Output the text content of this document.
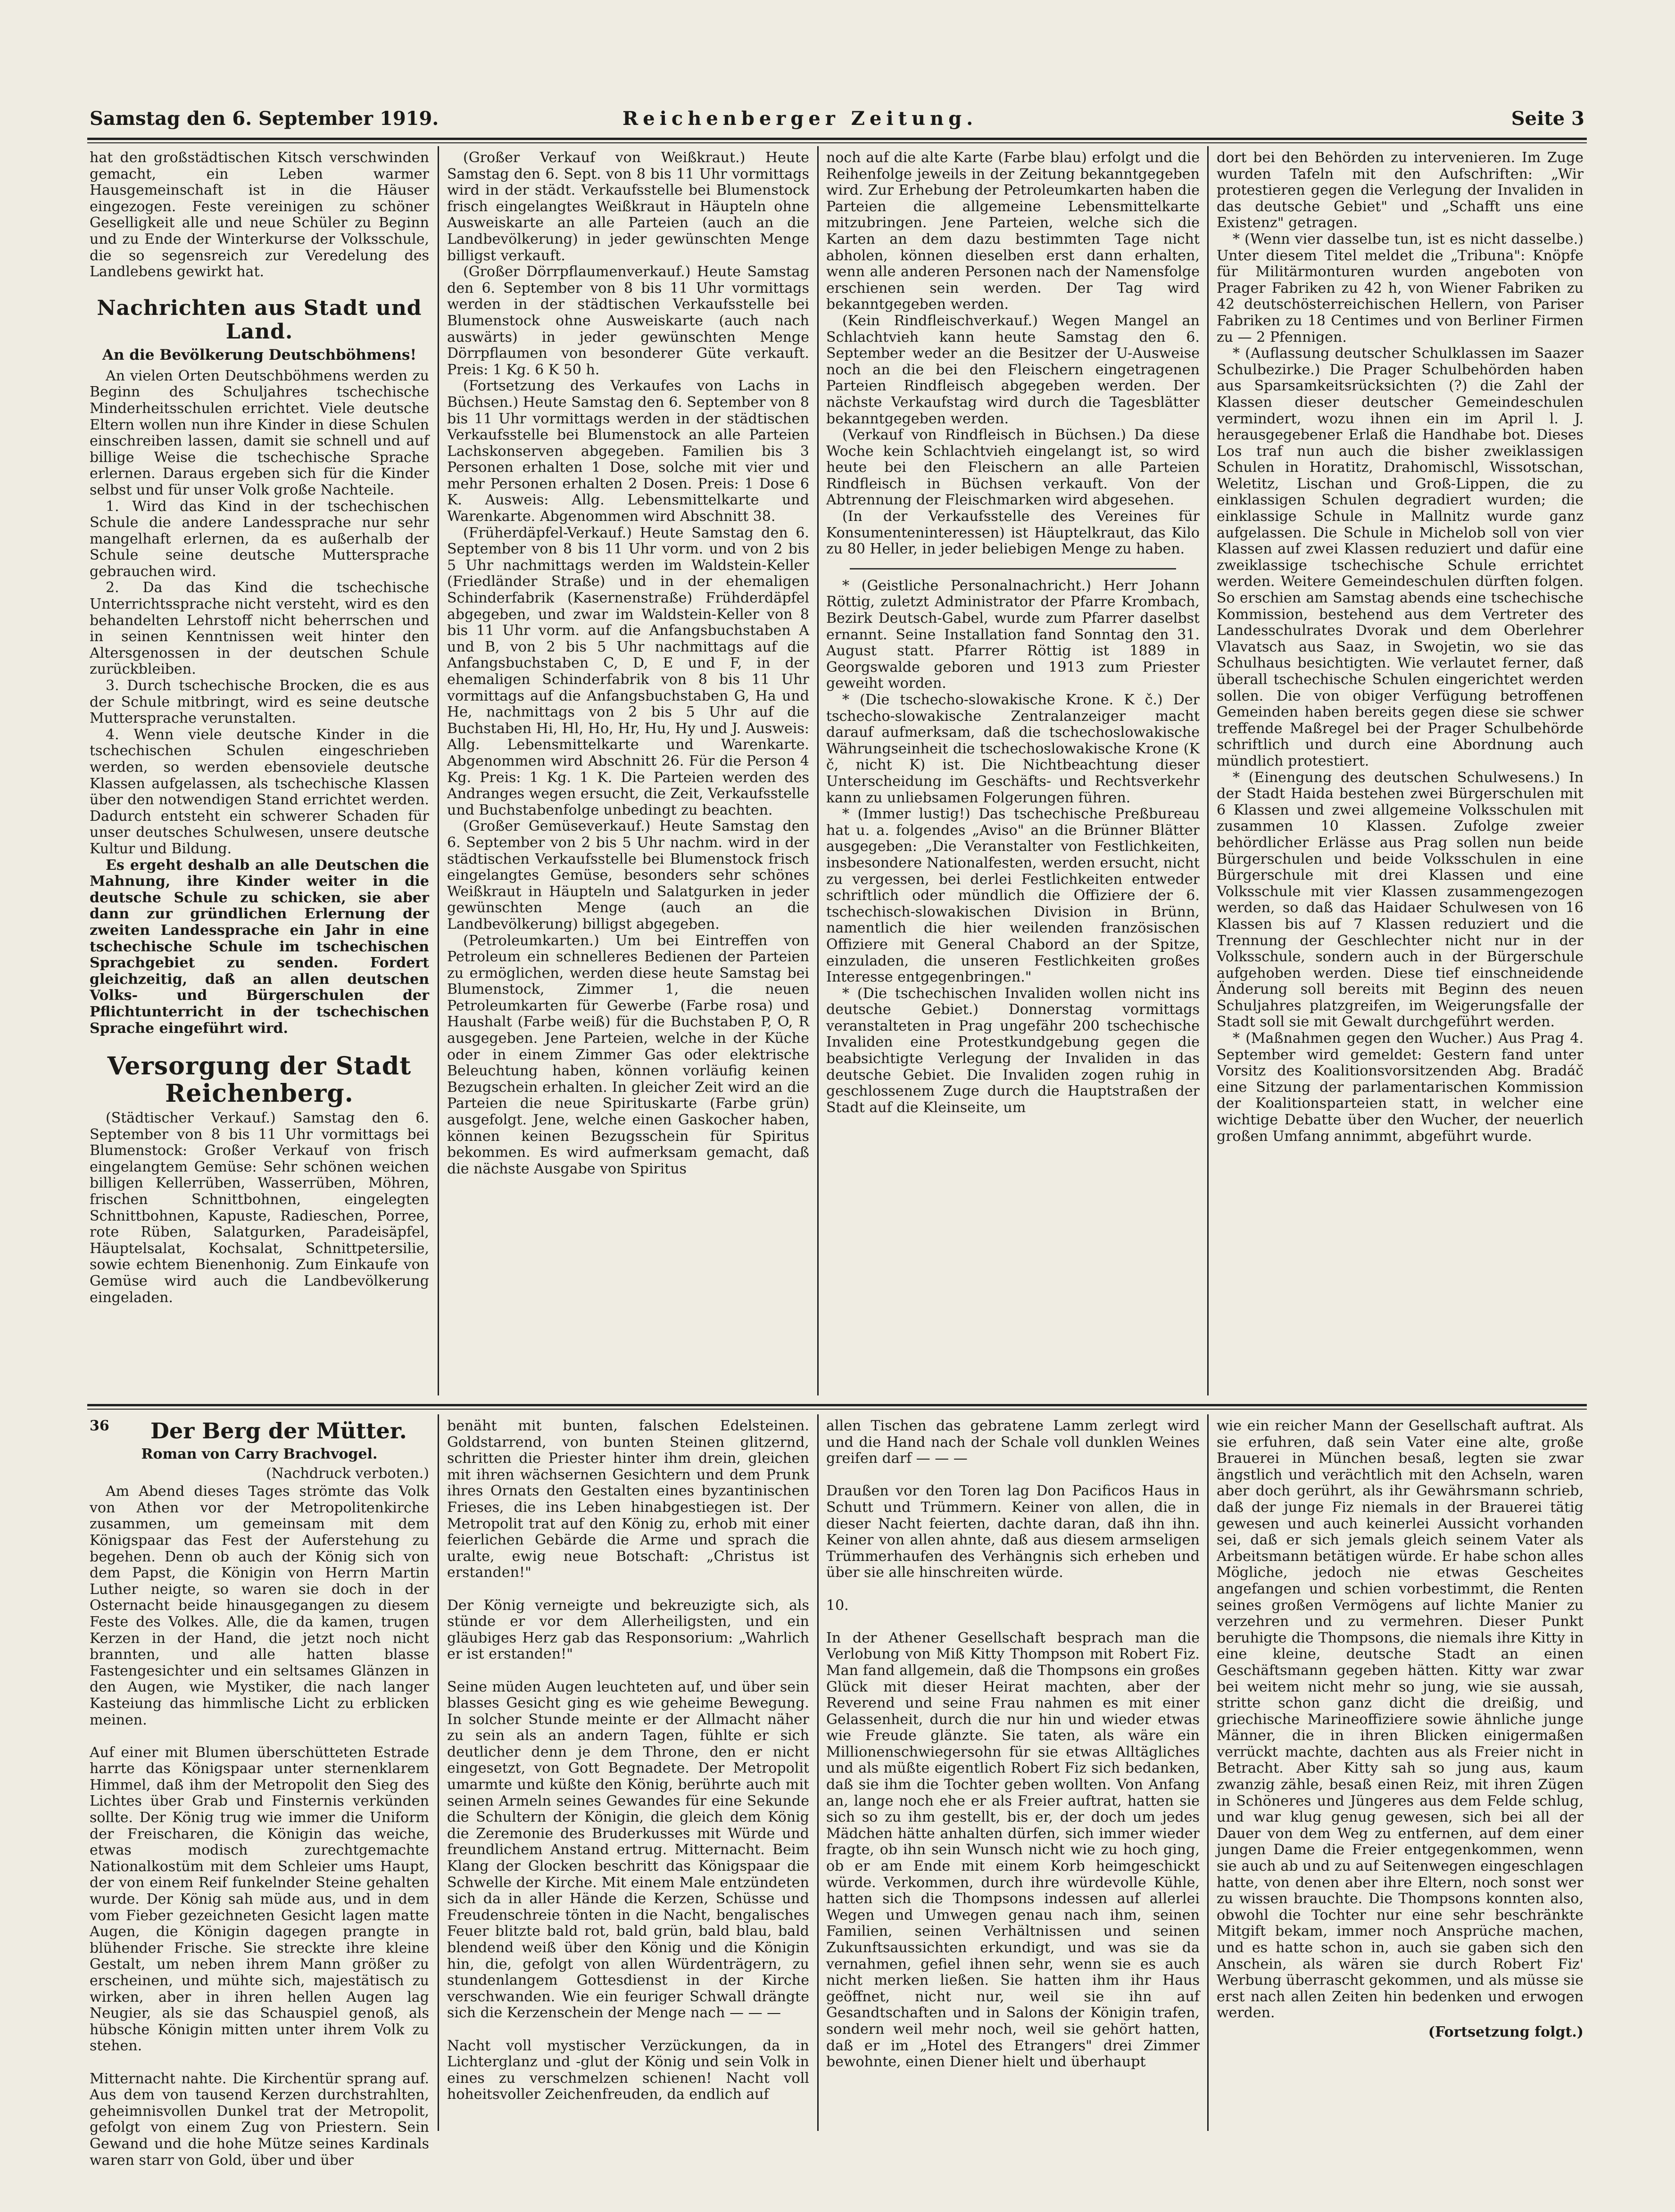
Samstag den 6. September 1919.	Reichenberger Zeitung.	Seite 3

hat den großstädtischen Kitsch verschwinden gemacht, ein Leben warmer Hausgemeinschaft ist in die Häuser eingezogen. Feste vereinigen zu schöner Geselligkeit alle und neue Schüler zu Beginn und zu Ende der Winterkurse der Volksschule, die so segensreich zur Veredelung des Landlebens gewirkt hat.

Nachrichten aus Stadt und Land.
An die Bevölkerung Deutschböhmens!

An vielen Orten Deutschböhmens werden zu Beginn des Schuljahres tschechische Minderheitsschulen errichtet. Viele deutsche Eltern wollen nun ihre Kinder in diese Schulen einschreiben lassen, damit sie schnell und auf billige Weise die tschechische Sprache erlernen. Daraus ergeben sich für die Kinder selbst und für unser Volk große Nachteile.

1. Wird das Kind in der tschechischen Schule die andere Landessprache nur sehr mangelhaft erlernen, da es außerhalb der Schule seine deutsche Muttersprache gebrauchen wird.

2. Da das Kind die tschechische Unterrichtssprache nicht versteht, wird es den behandelten Lehrstoff nicht beherrschen und in seinen Kenntnissen weit hinter den Altersgenossen in der deutschen Schule zurückbleiben.

3. Durch tschechische Brocken, die es aus der Schule mitbringt, wird es seine deutsche Muttersprache verunstalten.

4. Wenn viele deutsche Kinder in die tschechischen Schulen eingeschrieben werden, so werden ebensoviele deutsche Klassen aufgelassen, als tschechische Klassen über den notwendigen Stand errichtet werden. Dadurch entsteht ein schwerer Schaden für unser deutsches Schulwesen, unsere deutsche Kultur und Bildung.

Es ergeht deshalb an alle Deutschen die Mahnung, ihre Kinder weiter in die deutsche Schule zu schicken, sie aber dann zur gründlichen Erlernung der zweiten Landessprache ein Jahr in eine tschechische Schule im tschechischen Sprachgebiet zu senden. Fordert gleichzeitig, daß an allen deutschen Volks- und Bürgerschulen der Pflichtunterricht in der tschechischen Sprache eingeführt wird.

Versorgung der Stadt Reichenberg.

(Städtischer Verkauf.) Samstag den 6. September von 8 bis 11 Uhr vormittags bei Blumenstock: Großer Verkauf von frisch eingelangtem Gemüse: Sehr schönen weichen billigen Kellerrüben, Wasserrüben, Möhren, frischen Schnittbohnen, eingelegten Schnittbohnen, Kapuste, Radieschen, Porree, rote Rüben, Salatgurken, Paradeisäpfel, Häuptelsalat, Kochsalat, Schnittpetersilie, sowie echtem Bienenhonig. Zum Einkaufe von Gemüse wird auch die Landbevölkerung eingeladen.

(Großer Verkauf von Weißkraut.) Heute Samstag den 6. Sept. von 8 bis 11 Uhr vormittags wird in der städt. Verkaufsstelle bei Blumenstock frisch eingelangtes Weißkraut in Häupteln ohne Ausweiskarte an alle Parteien (auch an die Landbevölkerung) in jeder gewünschten Menge billigst verkauft.

(Großer Dörrpflaumenverkauf.) Heute Samstag den 6. September von 8 bis 11 Uhr vormittags werden in der städtischen Verkaufsstelle bei Blumenstock ohne Ausweiskarte (auch nach auswärts) in jeder gewünschten Menge Dörrpflaumen von besonderer Güte verkauft. Preis: 1 Kg. 6 K 50 h.

(Fortsetzung des Verkaufes von Lachs in Büchsen.) Heute Samstag den 6. September von 8 bis 11 Uhr vormittags werden in der städtischen Verkaufsstelle bei Blumenstock an alle Parteien Lachskonserven abgegeben. Familien bis 3 Personen erhalten 1 Dose, solche mit vier und mehr Personen erhalten 2 Dosen. Preis: 1 Dose 6 K. Ausweis: Allg. Lebensmittelkarte und Warenkarte. Abgenommen wird Abschnitt 38.

(Früherdäpfel-Verkauf.) Heute Samstag den 6. September von 8 bis 11 Uhr vorm. und von 2 bis 5 Uhr nachmittags werden im Waldstein-Keller (Friedländer Straße) und in der ehemaligen Schinderfabrik (Kasernenstraße) Frühderdäpfel abgegeben, und zwar im Waldstein-Keller von 8 bis 11 Uhr vorm. auf die Anfangsbuchstaben A und B, von 2 bis 5 Uhr nachmittags auf die Anfangsbuchstaben C, D, E und F, in der ehemaligen Schinderfabrik von 8 bis 11 Uhr vormittags auf die Anfangsbuchstaben G, Ha und He, nachmittags von 2 bis 5 Uhr auf die Buchstaben Hi, Hl, Ho, Hr, Hu, Hy und J. Ausweis: Allg. Lebensmittelkarte und Warenkarte. Abgenommen wird Abschnitt 26. Für die Person 4 Kg. Preis: 1 Kg. 1 K. Die Parteien werden des Andranges wegen ersucht, die Zeit, Verkaufsstelle und Buchstabenfolge unbedingt zu beachten.

(Großer Gemüseverkauf.) Heute Samstag den 6. September von 2 bis 5 Uhr nachm. wird in der städtischen Verkaufsstelle bei Blumenstock frisch eingelangtes Gemüse, besonders sehr schönes Weißkraut in Häupteln und Salatgurken in jeder gewünschten Menge (auch an die Landbevölkerung) billigst abgegeben.

(Petroleumkarten.) Um bei Eintreffen von Petroleum ein schnelleres Bedienen der Parteien zu ermöglichen, werden diese heute Samstag bei Blumenstock, Zimmer 1, die neuen Petroleumkarten für Gewerbe (Farbe rosa) und Haushalt (Farbe weiß) für die Buchstaben P, O, R ausgegeben. Jene Parteien, welche in der Küche oder in einem Zimmer Gas oder elektrische Beleuchtung haben, können vorläufig keinen Bezugschein erhalten. In gleicher Zeit wird an die Parteien die neue Spirituskarte (Farbe grün) ausgefolgt. Jene, welche einen Gaskocher haben, können keinen Bezugsschein für Spiritus bekommen. Es wird aufmerksam gemacht, daß die nächste Ausgabe von Spiritus

noch auf die alte Karte (Farbe blau) erfolgt und die Reihenfolge jeweils in der Zeitung bekanntgegeben wird. Zur Erhebung der Petroleumkarten haben die Parteien die allgemeine Lebensmittelkarte mitzubringen. Jene Parteien, welche sich die Karten an dem dazu bestimmten Tage nicht abholen, können dieselben erst dann erhalten, wenn alle anderen Personen nach der Namensfolge erschienen sein werden. Der Tag wird bekanntgegeben werden.

(Kein Rindfleischverkauf.) Wegen Mangel an Schlachtvieh kann heute Samstag den 6. September weder an die Besitzer der U-Ausweise noch an die bei den Fleischern eingetragenen Parteien Rindfleisch abgegeben werden. Der nächste Verkaufstag wird durch die Tagesblätter bekanntgegeben werden.

(Verkauf von Rindfleisch in Büchsen.) Da diese Woche kein Schlachtvieh eingelangt ist, so wird heute bei den Fleischern an alle Parteien Rindfleisch in Büchsen verkauft. Von der Abtrennung der Fleischmarken wird abgesehen.

(In der Verkaufsstelle des Vereines für Konsumenteninteressen) ist Häuptelkraut, das Kilo zu 80 Heller, in jeder beliebigen Menge zu haben.

* (Geistliche Personalnachricht.) Herr Johann Röttig, zuletzt Administrator der Pfarre Krombach, Bezirk Deutsch-Gabel, wurde zum Pfarrer daselbst ernannt. Seine Installation fand Sonntag den 31. August statt. Pfarrer Röttig ist 1889 in Georgswalde geboren und 1913 zum Priester geweiht worden.

* (Die tschecho-slowakische Krone. K č.) Der tschecho-slowakische Zentralanzeiger macht darauf aufmerksam, daß die tschechoslowakische Währungseinheit die tschechoslowakische Krone (K č, nicht K) ist. Die Nichtbeachtung dieser Unterscheidung im Geschäfts- und Rechtsverkehr kann zu unliebsamen Folgerungen führen.

* (Immer lustig!) Das tschechische Preßbureau hat u. a. folgendes „Aviso" an die Brünner Blätter ausgegeben: „Die Veranstalter von Festlichkeiten, insbesondere Nationalfesten, werden ersucht, nicht zu vergessen, bei derlei Festlichkeiten entweder schriftlich oder mündlich die Offiziere der 6. tschechisch-slowakischen Division in Brünn, namentlich die hier weilenden französischen Offiziere mit General Chabord an der Spitze, einzuladen, die unseren Festlichkeiten großes Interesse entgegenbringen."

* (Die tschechischen Invaliden wollen nicht ins deutsche Gebiet.) Donnerstag vormittags veranstalteten in Prag ungefähr 200 tschechische Invaliden eine Protestkundgebung gegen die beabsichtigte Verlegung der Invaliden in das deutsche Gebiet. Die Invaliden zogen ruhig in geschlossenem Zuge durch die Hauptstraßen der Stadt auf die Kleinseite, um

dort bei den Behörden zu intervenieren. Im Zuge wurden Tafeln mit den Aufschriften: „Wir protestieren gegen die Verlegung der Invaliden in das deutsche Gebiet" und „Schafft uns eine Existenz" getragen.

* (Wenn vier dasselbe tun, ist es nicht dasselbe.) Unter diesem Titel meldet die „Tribuna": Knöpfe für Militärmonturen wurden angeboten von Prager Fabriken zu 42 h, von Wiener Fabriken zu 42 deutschösterreichischen Hellern, von Pariser Fabriken zu 18 Centimes und von Berliner Firmen zu — 2 Pfennigen.

* (Auflassung deutscher Schulklassen im Saazer Schulbezirke.) Die Prager Schulbehörden haben aus Sparsamkeitsrücksichten (?) die Zahl der Klassen dieser deutscher Gemeindeschulen vermindert, wozu ihnen ein im April l. J. herausgegebener Erlaß die Handhabe bot. Dieses Los traf nun auch die bisher zweiklassigen Schulen in Horatitz, Drahomischl, Wissotschan, Weletitz, Lischan und Groß-Lippen, die zu einklassigen Schulen degradiert wurden; die einklassige Schule in Mallnitz wurde ganz aufgelassen. Die Schule in Michelob soll von vier Klassen auf zwei Klassen reduziert und dafür eine zweiklassige tschechische Schule errichtet werden. Weitere Gemeindeschulen dürften folgen. So erschien am Samstag abends eine tschechische Kommission, bestehend aus dem Vertreter des Landesschulrates Dvorak und dem Oberlehrer Vlavatsch aus Saaz, in Swojetin, wo sie das Schulhaus besichtigten. Wie verlautet ferner, daß überall tschechische Schulen eingerichtet werden sollen. Die von obiger Verfügung betroffenen Gemeinden haben bereits gegen diese sie schwer treffende Maßregel bei der Prager Schulbehörde schriftlich und durch eine Abordnung auch mündlich protestiert.

* (Einengung des deutschen Schulwesens.) In der Stadt Haida bestehen zwei Bürgerschulen mit 6 Klassen und zwei allgemeine Volksschulen mit zusammen 10 Klassen. Zufolge zweier behördlicher Erlässe aus Prag sollen nun beide Bürgerschulen und beide Volksschulen in eine Bürgerschule mit drei Klassen und eine Volksschule mit vier Klassen zusammengezogen werden, so daß das Haidaer Schulwesen von 16 Klassen bis auf 7 Klassen reduziert und die Trennung der Geschlechter nicht nur in der Volksschule, sondern auch in der Bürgerschule aufgehoben werden. Diese tief einschneidende Änderung soll bereits mit Beginn des neuen Schuljahres platzgreifen, im Weigerungsfalle der Stadt soll sie mit Gewalt durchgeführt werden.

* (Maßnahmen gegen den Wucher.) Aus Prag 4. September wird gemeldet: Gestern fand unter Vorsitz des Koalitionsvorsitzenden Abg. Bradáč eine Sitzung der parlamentarischen Kommission der Koalitionsparteien statt, in welcher eine wichtige Debatte über den Wucher, der neuerlich großen Umfang annimmt, abgeführt wurde.

36 Der Berg der Mütter.
Roman von Carry Brachvogel.
(Nachdruck verboten.)

Am Abend dieses Tages strömte das Volk von Athen vor der Metropolitenkirche zusammen, um gemeinsam mit dem Königspaar das Fest der Auferstehung zu begehen. Denn ob auch der König sich von dem Papst, die Königin von Herrn Martin Luther neigte, so waren sie doch in der Osternacht beide hinausgegangen zu diesem Feste des Volkes. Alle, die da kamen, trugen Kerzen in der Hand, die jetzt noch nicht brannten, und alle hatten blasse Fastengesichter und ein seltsames Glänzen in den Augen, wie Mystiker, die nach langer Kasteiung das himmlische Licht zu erblicken meinen.

Auf einer mit Blumen überschütteten Estrade harrte das Königspaar unter sternenklarem Himmel, daß ihm der Metropolit den Sieg des Lichtes über Grab und Finsternis verkünden sollte. Der König trug wie immer die Uniform der Freischaren, die Königin das weiche, etwas modisch zurechtgemachte Nationalkostüm mit dem Schleier ums Haupt, der von einem Reif funkelnder Steine gehalten wurde. Der König sah müde aus, und in dem vom Fieber gezeichneten Gesicht lagen matte Augen, die Königin dagegen prangte in blühender Frische. Sie streckte ihre kleine Gestalt, um neben ihrem Mann größer zu erscheinen, und mühte sich, majestätisch zu wirken, aber in ihren hellen Augen lag Neugier, als sie das Schauspiel genoß, als hübsche Königin mitten unter ihrem Volk zu stehen.

Mitternacht nahte. Die Kirchentür sprang auf. Aus dem von tausend Kerzen durchstrahlten, geheimnisvollen Dunkel trat der Metropolit, gefolgt von einem Zug von Priestern. Sein Gewand und die hohe Mütze seines Kardinals waren starr von Gold, über und über

benäht mit bunten, falschen Edelsteinen. Goldstarrend, von bunten Steinen glitzernd, schritten die Priester hinter ihm drein, gleichen mit ihren wächsernen Gesichtern und dem Prunk ihres Ornats den Gestalten eines byzantinischen Frieses, die ins Leben hinabgestiegen ist. Der Metropolit trat auf den König zu, erhob mit einer feierlichen Gebärde die Arme und sprach die uralte, ewig neue Botschaft: „Christus ist erstanden!"

Der König verneigte und bekreuzigte sich, als stünde er vor dem Allerheiligsten, und ein gläubiges Herz gab das Responsorium: „Wahrlich er ist erstanden!"

Seine müden Augen leuchteten auf, und über sein blasses Gesicht ging es wie geheime Bewegung. In solcher Stunde meinte er der Allmacht näher zu sein als an andern Tagen, fühlte er sich deutlicher denn je dem Throne, den er nicht eingesetzt, von Gott Begnadete. Der Metropolit umarmte und küßte den König, berührte auch mit seinen Armeln seines Gewandes für eine Sekunde die Schultern der Königin, die gleich dem König die Zeremonie des Bruderkusses mit Würde und freundlichem Anstand ertrug. Mitternacht. Beim Klang der Glocken beschritt das Königspaar die Schwelle der Kirche. Mit einem Male entzündeten sich da in aller Hände die Kerzen, Schüsse und Freudenschreie tönten in die Nacht, bengalisches Feuer blitzte bald rot, bald grün, bald blau, bald blendend weiß über den König und die Königin hin, die, gefolgt von allen Würdenträgern, zu stundenlangem Gottesdienst in der Kirche verschwanden. Wie ein feuriger Schwall drängte sich die Kerzenschein der Menge nach — — —

Nacht voll mystischer Verzückungen, da in Lichterglanz und -glut der König und sein Volk in eines zu verschmelzen schienen! Nacht voll hoheitsvoller Zeichenfreuden, da endlich auf

allen Tischen das gebratene Lamm zerlegt wird und die Hand nach der Schale voll dunklen Weines greifen darf — — —

Draußen vor den Toren lag Don Pacificos Haus in Schutt und Trümmern. Keiner von allen, die in dieser Nacht feierten, dachte daran, daß ihn ihn. Keiner von allen ahnte, daß aus diesem armseligen Trümmerhaufen des Verhängnis sich erheben und über sie alle hinschreiten würde.

10.

In der Athener Gesellschaft besprach man die Verlobung von Miß Kitty Thompson mit Robert Fiz. Man fand allgemein, daß die Thompsons ein großes Glück mit dieser Heirat machten, aber der Reverend und seine Frau nahmen es mit einer Gelassenheit, durch die nur hin und wieder etwas wie Freude glänzte. Sie taten, als wäre ein Millionenschwiegersohn für sie etwas Alltägliches und als müßte eigentlich Robert Fiz sich bedanken, daß sie ihm die Tochter geben wollten. Von Anfang an, lange noch ehe er als Freier auftrat, hatten sie sich so zu ihm gestellt, bis er, der doch um jedes Mädchen hätte anhalten dürfen, sich immer wieder fragte, ob ihn sein Wunsch nicht wie zu hoch ging, ob er am Ende mit einem Korb heimgeschickt würde. Verkommen, durch ihre würdevolle Kühle, hatten sich die Thompsons indessen auf allerlei Wegen und Umwegen genau nach ihm, seinen Familien, seinen Verhältnissen und seinen Zukunftsaussichten erkundigt, und was sie da vernahmen, gefiel ihnen sehr, wenn sie es auch nicht merken ließen. Sie hatten ihm ihr Haus geöffnet, nicht nur, weil sie ihn auf Gesandtschaften und in Salons der Königin trafen, sondern weil mehr noch, weil sie gehört hatten, daß er im „Hotel des Etrangers" drei Zimmer bewohnte, einen Diener hielt und überhaupt

wie ein reicher Mann der Gesellschaft auftrat. Als sie erfuhren, daß sein Vater eine alte, große Brauerei in München besaß, legten sie zwar ängstlich und verächtlich mit den Achseln, waren aber doch gerührt, als ihr Gewährsmann schrieb, daß der junge Fiz niemals in der Brauerei tätig gewesen und auch keinerlei Aussicht vorhanden sei, daß er sich jemals gleich seinem Vater als Arbeitsmann betätigen würde. Er habe schon alles Mögliche, jedoch nie etwas Gescheites angefangen und schien vorbestimmt, die Renten seines großen Vermögens auf lichte Manier zu verzehren und zu vermehren. Dieser Punkt beruhigte die Thompsons, die niemals ihre Kitty in eine kleine, deutsche Stadt an einen Geschäftsmann gegeben hätten. Kitty war zwar bei weitem nicht mehr so jung, wie sie aussah, stritte schon ganz dicht die dreißig, und griechische Marineoffiziere sowie ähnliche junge Männer, die in ihren Blicken einigermaßen verrückt machte, dachten aus als Freier nicht in Betracht. Aber Kitty sah so jung aus, kaum zwanzig zähle, besaß einen Reiz, mit ihren Zügen in Schöneres und Jüngeres aus dem Felde schlug, und war klug genug gewesen, sich bei all der Dauer von dem Weg zu entfernen, auf dem einer jungen Dame die Freier entgegenkommen, wenn sie auch ab und zu auf Seitenwegen eingeschlagen hatte, von denen aber ihre Eltern, noch sonst wer zu wissen brauchte. Die Thompsons konnten also, obwohl die Tochter nur eine sehr beschränkte Mitgift bekam, immer noch Ansprüche machen, und es hatte schon in, auch sie gaben sich den Anschein, als wären sie durch Robert Fiz' Werbung überrascht gekommen, und als müsse sie erst nach allen Zeiten hin bedenken und erwogen werden.

(Fortsetzung folgt.)
